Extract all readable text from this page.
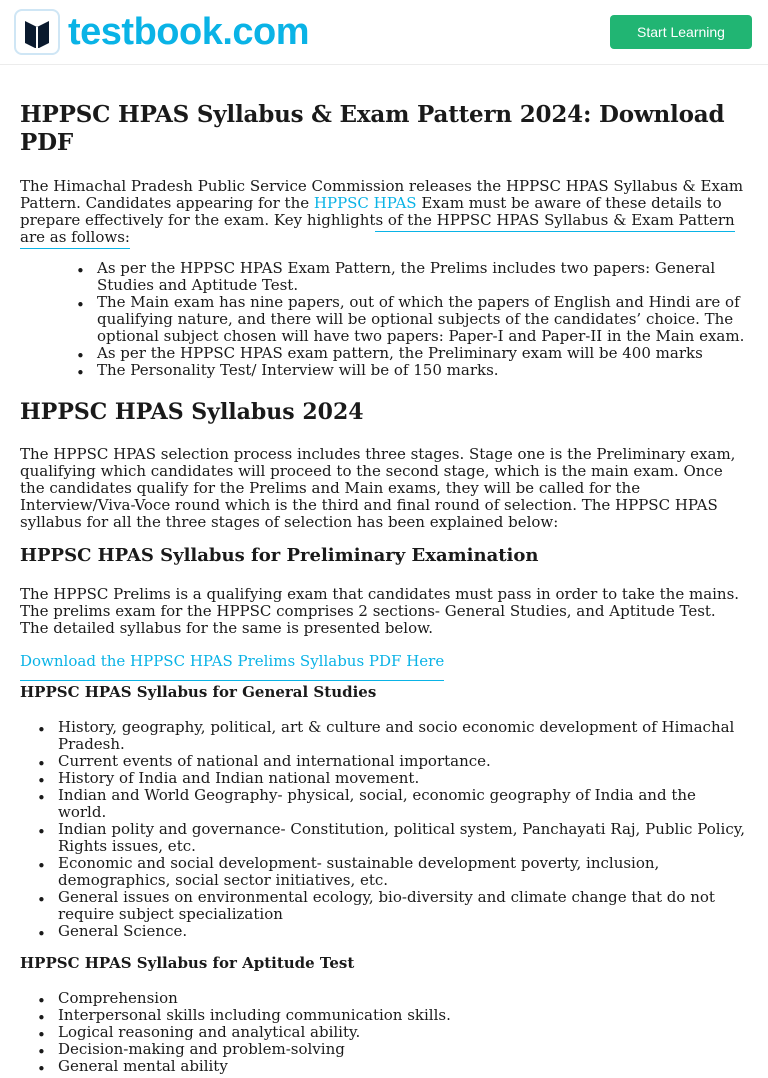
testbook.com	Start Learning
HPPSC HPAS Syllabus & Exam Pattern 2024: Download PDF

The Himachal Pradesh Public Service Commission releases the HPPSC HPAS Syllabus & Exam Pattern. Candidates appearing for the HPPSC HPAS Exam must be aware of these details to prepare effectively for the exam. Key highlights of the HPPSC HPAS Syllabus & Exam Pattern are as follows:

• As per the HPPSC HPAS Exam Pattern, the Prelims includes two papers: General Studies and Aptitude Test.
• The Main exam has nine papers, out of which the papers of English and Hindi are of qualifying nature, and there will be optional subjects of the candidates’ choice. The optional subject chosen will have two papers: Paper-I and Paper-II in the Main exam.
• As per the HPPSC HPAS exam pattern, the Preliminary exam will be 400 marks
• The Personality Test/ Interview will be of 150 marks.
HPPSC HPAS Syllabus 2024

The HPPSC HPAS selection process includes three stages. Stage one is the Preliminary exam, qualifying which candidates will proceed to the second stage, which is the main exam. Once the candidates qualify for the Prelims and Main exams, they will be called for the Interview/Viva-Voce round which is the third and final round of selection. The HPPSC HPAS syllabus for all the three stages of selection has been explained below:

HPPSC HPAS Syllabus for Preliminary Examination

The HPPSC Prelims is a qualifying exam that candidates must pass in order to take the mains. The prelims exam for the HPPSC comprises 2 sections- General Studies, and Aptitude Test. The detailed syllabus for the same is presented below.

Download the HPPSC HPAS Prelims Syllabus PDF Here
HPPSC HPAS Syllabus for General Studies
• History, geography, political, art & culture and socio economic development of Himachal Pradesh.
• Current events of national and international importance.
• History of India and Indian national movement.
• Indian and World Geography- physical, social, economic geography of India and the world.
• Indian polity and governance- Constitution, political system, Panchayati Raj, Public Policy, Rights issues, etc.
• Economic and social development- sustainable development poverty, inclusion, demographics, social sector initiatives, etc.
• General issues on environmental ecology, bio-diversity and climate change that do not require subject specialization
• General Science.
HPPSC HPAS Syllabus for Aptitude Test
• Comprehension
• Interpersonal skills including communication skills.
• Logical reasoning and analytical ability.
• Decision-making and problem-solving
• General mental ability
